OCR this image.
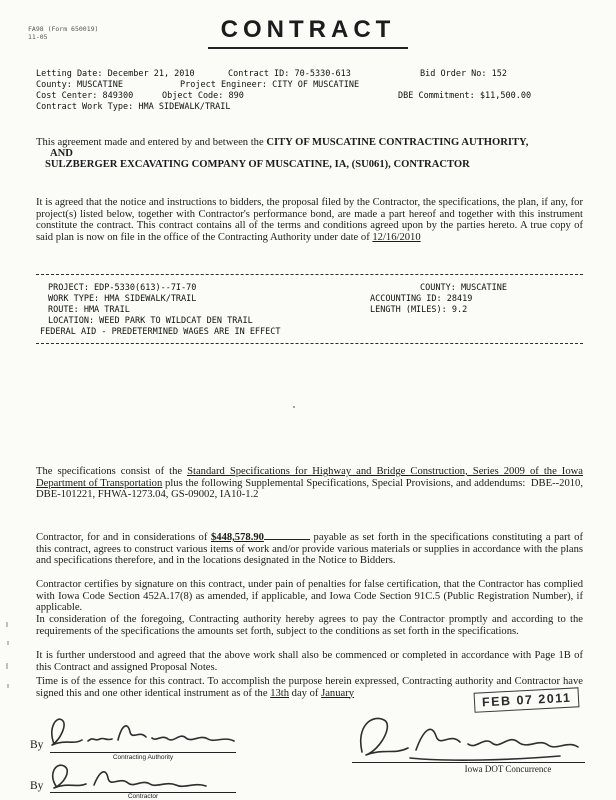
FA98 (Form 650019)
11-05	CONTRACT
Letting Date: December 21, 2010	Contract ID: 70-5330-613	Bid Order No: 152
County: MUSCATINE	Project Engineer: CITY OF MUSCATINE
Cost Center: 849300	Object Code: 890	DBE Commitment: $11,500.00
Contract Work Type: HMA SIDEWALK/TRAIL
This agreement made and entered by and between the CITY OF MUSCATINE CONTRACTING AUTHORITY,
AND
SULZBERGER EXCAVATING COMPANY OF MUSCATINE, IA, (SU061), CONTRACTOR
It is agreed that the notice and instructions to bidders, the proposal filed by the Contractor, the specifications, the plan, if any, for project(s) listed below, together with Contractor's performance bond, are made a part hereof and together with this instrument constitute the contract. This contract contains all of the terms and conditions agreed upon by the parties hereto. A true copy of said plan is now on file in the office of the Contracting Authority under date of 12/16/2010
PROJECT: EDP-5330(613)--7I-70	COUNTY: MUSCATINE
WORK TYPE: HMA SIDEWALK/TRAIL	ACCOUNTING ID: 28419
ROUTE: HMA TRAIL	LENGTH (MILES): 9.2
LOCATION: WEED PARK TO WILDCAT DEN TRAIL
FEDERAL AID - PREDETERMINED WAGES ARE IN EFFECT
The specifications consist of the Standard Specifications for Highway and Bridge Construction, Series 2009 of the Iowa Department of Transportation plus the following Supplemental Specifications, Special Provisions, and addendums: DBE--2010, DBE-101221, FHWA-1273.04, GS-09002, IA10-1.2
Contractor, for and in considerations of $448,578.90	payable as set forth in the specifications constituting a part of this contract, agrees to construct various items of work and/or provide various materials or supplies in accordance with the plans and specifications therefore, and in the locations designated in the Notice to Bidders.
Contractor certifies by signature on this contract, under pain of penalties for false certification, that the Contractor has complied with Iowa Code Section 452A.17(8) as amended, if applicable, and Iowa Code Section 91C.5 (Public Registration Number), if applicable.
In consideration of the foregoing, Contracting authority hereby agrees to pay the Contractor promptly and according to the requirements of the specifications the amounts set forth, subject to the conditions as set forth in the specifications.
It is further understood and agreed that the above work shall also be commenced or completed in accordance with Page 1B of this Contract and assigned Proposal Notes.
Time is of the essence for this contract. To accomplish the purpose herein expressed, Contracting authority and Contractor have signed this and one other identical instrument as of the 13th day of January	FEB 07 2011
By
Contracting Authority
Iowa DOT Concurrence
By
Contractor
